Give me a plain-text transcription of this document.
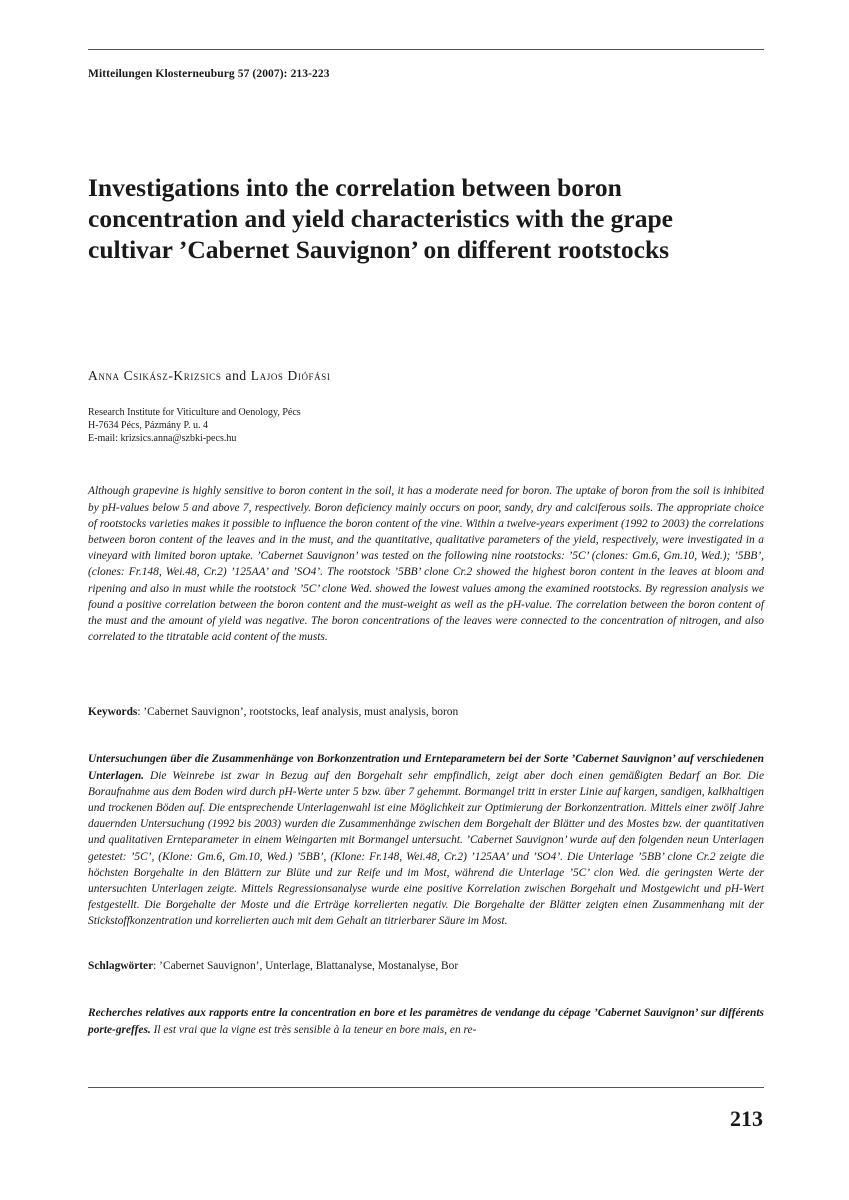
Mitteilungen Klosterneuburg 57 (2007): 213-223
Investigations into the correlation between boron concentration and yield characteristics with the grape cultivar ’Cabernet Sauvignon’ on different rootstocks
Anna Csikász-Krizsics and Lajos Diófási
Research Institute for Viticulture and Oenology, Pécs
H-7634 Pécs, Pázmány P. u. 4
E-mail: krizsics.anna@szbki-pecs.hu

Although grapevine is highly sensitive to boron content in the soil, it has a moderate need for boron. The uptake of boron from the soil is inhibited by pH-values below 5 and above 7, respectively. Boron deficiency mainly occurs on poor, sandy, dry and calciferous soils. The appropriate choice of rootstocks varieties makes it possible to influence the boron content of the vine. Within a twelve-years experiment (1992 to 2003) the correlations between boron content of the leaves and in the must, and the quantitative, qualitative parameters of the yield, respectively, were investigated in a vineyard with limited boron uptake. ’Cabernet Sauvignon’ was tested on the following nine rootstocks: ’5C’ (clones: Gm.6, Gm.10, Wed.); ’5BB’, (clones: Fr.148, Wei.48, Cr.2) ’125AA’ and ’SO4’. The rootstock ’5BB’ clone Cr.2 showed the highest boron content in the leaves at bloom and ripening and also in must while the rootstock ’5C’ clone Wed. showed the lowest values among the examined rootstocks. By regression analysis we found a positive correlation between the boron content and the must-weight as well as the pH-value. The correlation between the boron content of the must and the amount of yield was negative. The boron concentrations of the leaves were connected to the concentration of nitrogen, and also correlated to the titratable acid content of the musts.

Keywords: ’Cabernet Sauvignon’, rootstocks, leaf analysis, must analysis, boron

Untersuchungen über die Zusammenhänge von Borkonzentration und Ernteparametern bei der Sorte ’Cabernet Sauvignon’ auf verschiedenen Unterlagen. Die Weinrebe ist zwar in Bezug auf den Borgehalt sehr empfindlich, zeigt aber doch einen gemäßigten Bedarf an Bor. Die Boraufnahme aus dem Boden wird durch pH-Werte unter 5 bzw. über 7 gehemmt. Bormangel tritt in erster Linie auf kargen, sandigen, kalkhaltigen und trockenen Böden auf. Die entsprechende Unterlagenwahl ist eine Möglichkeit zur Optimierung der Borkonzentration. Mittels einer zwölf Jahre dauernden Untersuchung (1992 bis 2003) wurden die Zusammenhänge zwischen dem Borgehalt der Blätter und des Mostes bzw. der quantitativen und qualitativen Ernteparameter in einem Weingarten mit Bormangel untersucht. ’Cabernet Sauvignon’ wurde auf den folgenden neun Unterlagen getestet: ’5C’, (Klone: Gm.6, Gm.10, Wed.) ’5BB’, (Klone: Fr.148, Wei.48, Cr.2) ’125AA’ und ’SO4’. Die Unterlage ’5BB’ clone Cr.2 zeigte die höchsten Borgehalte in den Blättern zur Blüte und zur Reife und im Most, während die Unterlage ’5C’ clon Wed. die geringsten Werte der untersuchten Unterlagen zeigte. Mittels Regressionsanalyse wurde eine positive Korrelation zwischen Borgehalt und Mostgewicht und pH-Wert festgestellt. Die Borgehalte der Moste und die Erträge korrelierten negativ. Die Borgehalte der Blätter zeigten einen Zusammenhang mit der Stickstoffkonzentration und korrelierten auch mit dem Gehalt an titrierbarer Säure im Most.

Schlagwörter: ’Cabernet Sauvignon’, Unterlage, Blattanalyse, Mostanalyse, Bor

Recherches relatives aux rapports entre la concentration en bore et les paramètres de vendange du cépage ’Cabernet Sauvignon’ sur différents porte-greffes. Il est vrai que la vigne est très sensible à la teneur en bore mais, en re-

213
